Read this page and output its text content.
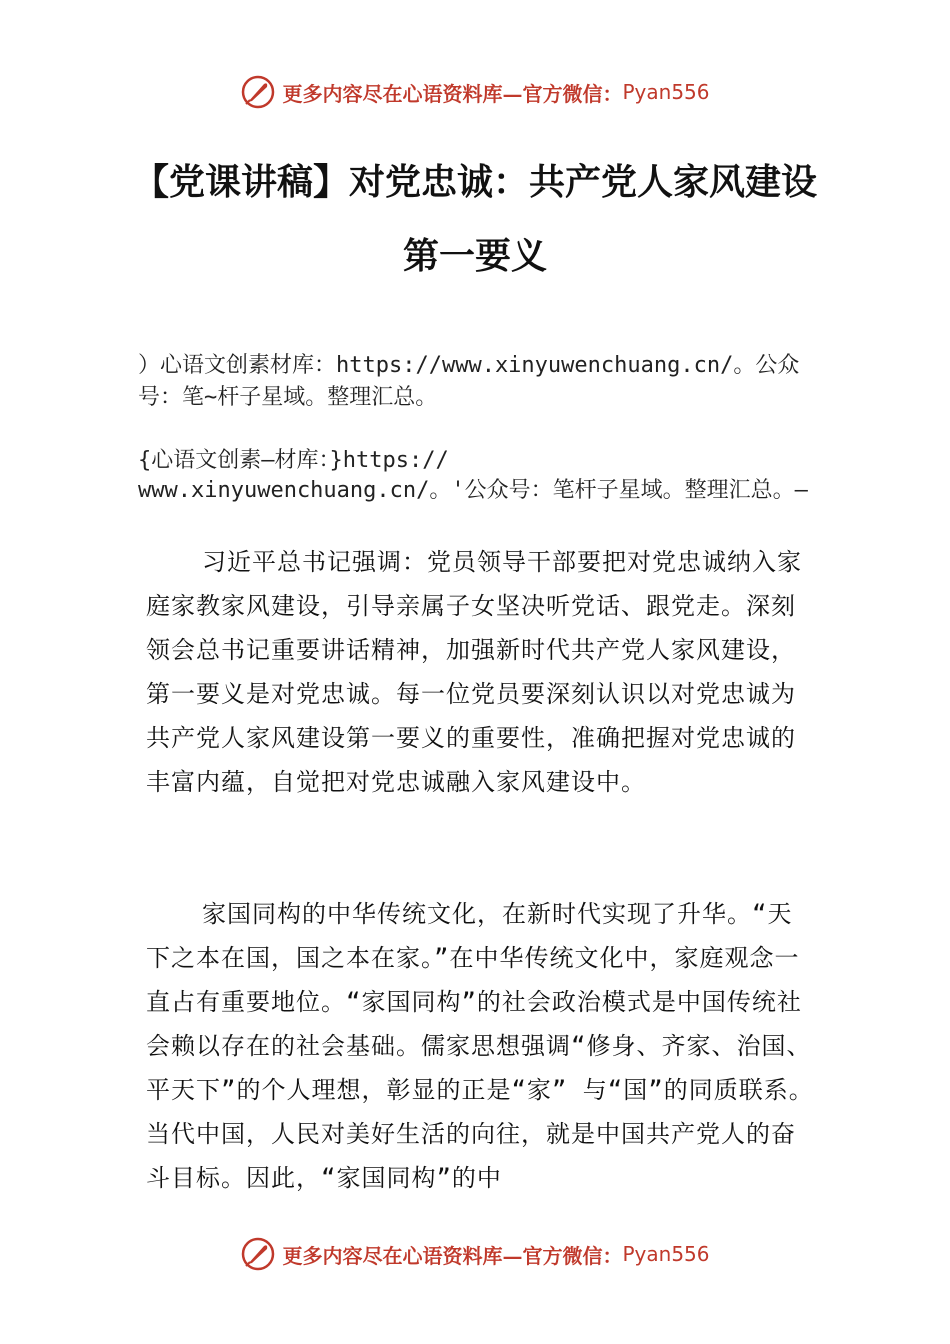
更多内容尽在心语资料库—官方微信： Pyan556
【党课讲稿】对党忠诚：共产党人家风建设
第一要义

）心语文创素材库：https://www.xinyuwenchuang.cn/。公众号：笔~杆子星域。整理汇总。

{心语文创素—材库：}https://
www.xinyuwenchuang.cn/。'公众号：笔杆子星域。整理汇总。—

习近平总书记强调：党员领导干部要把对党忠诚纳入家庭家教家风建设，引导亲属子女坚决听党话、跟党走。深刻领会总书记重要讲话精神，加强新时代共产党人家风建设，第一要义是对党忠诚。每一位党员要深刻认识以对党忠诚为共产党人家风建设第一要义的重要性，准确把握对党忠诚的丰富内蕴，自觉把对党忠诚融入家风建设中。

家国同构的中华传统文化，在新时代实现了升华。“天下之本在国，国之本在家。”在中华传统文化中，家庭观念一直占有重要地位。“家国同构”的社会政治模式是中国传统社会赖以存在的社会基础。儒家思想强调“修身、齐家、治国、平天下”的个人理想，彰显的正是“家” 与“国”的同质联系。当代中国，人民对美好生活的向往，就是中国共产党人的奋斗目标。因此，“家国同构”的中

更多内容尽在心语资料库—官方微信： Pyan556
